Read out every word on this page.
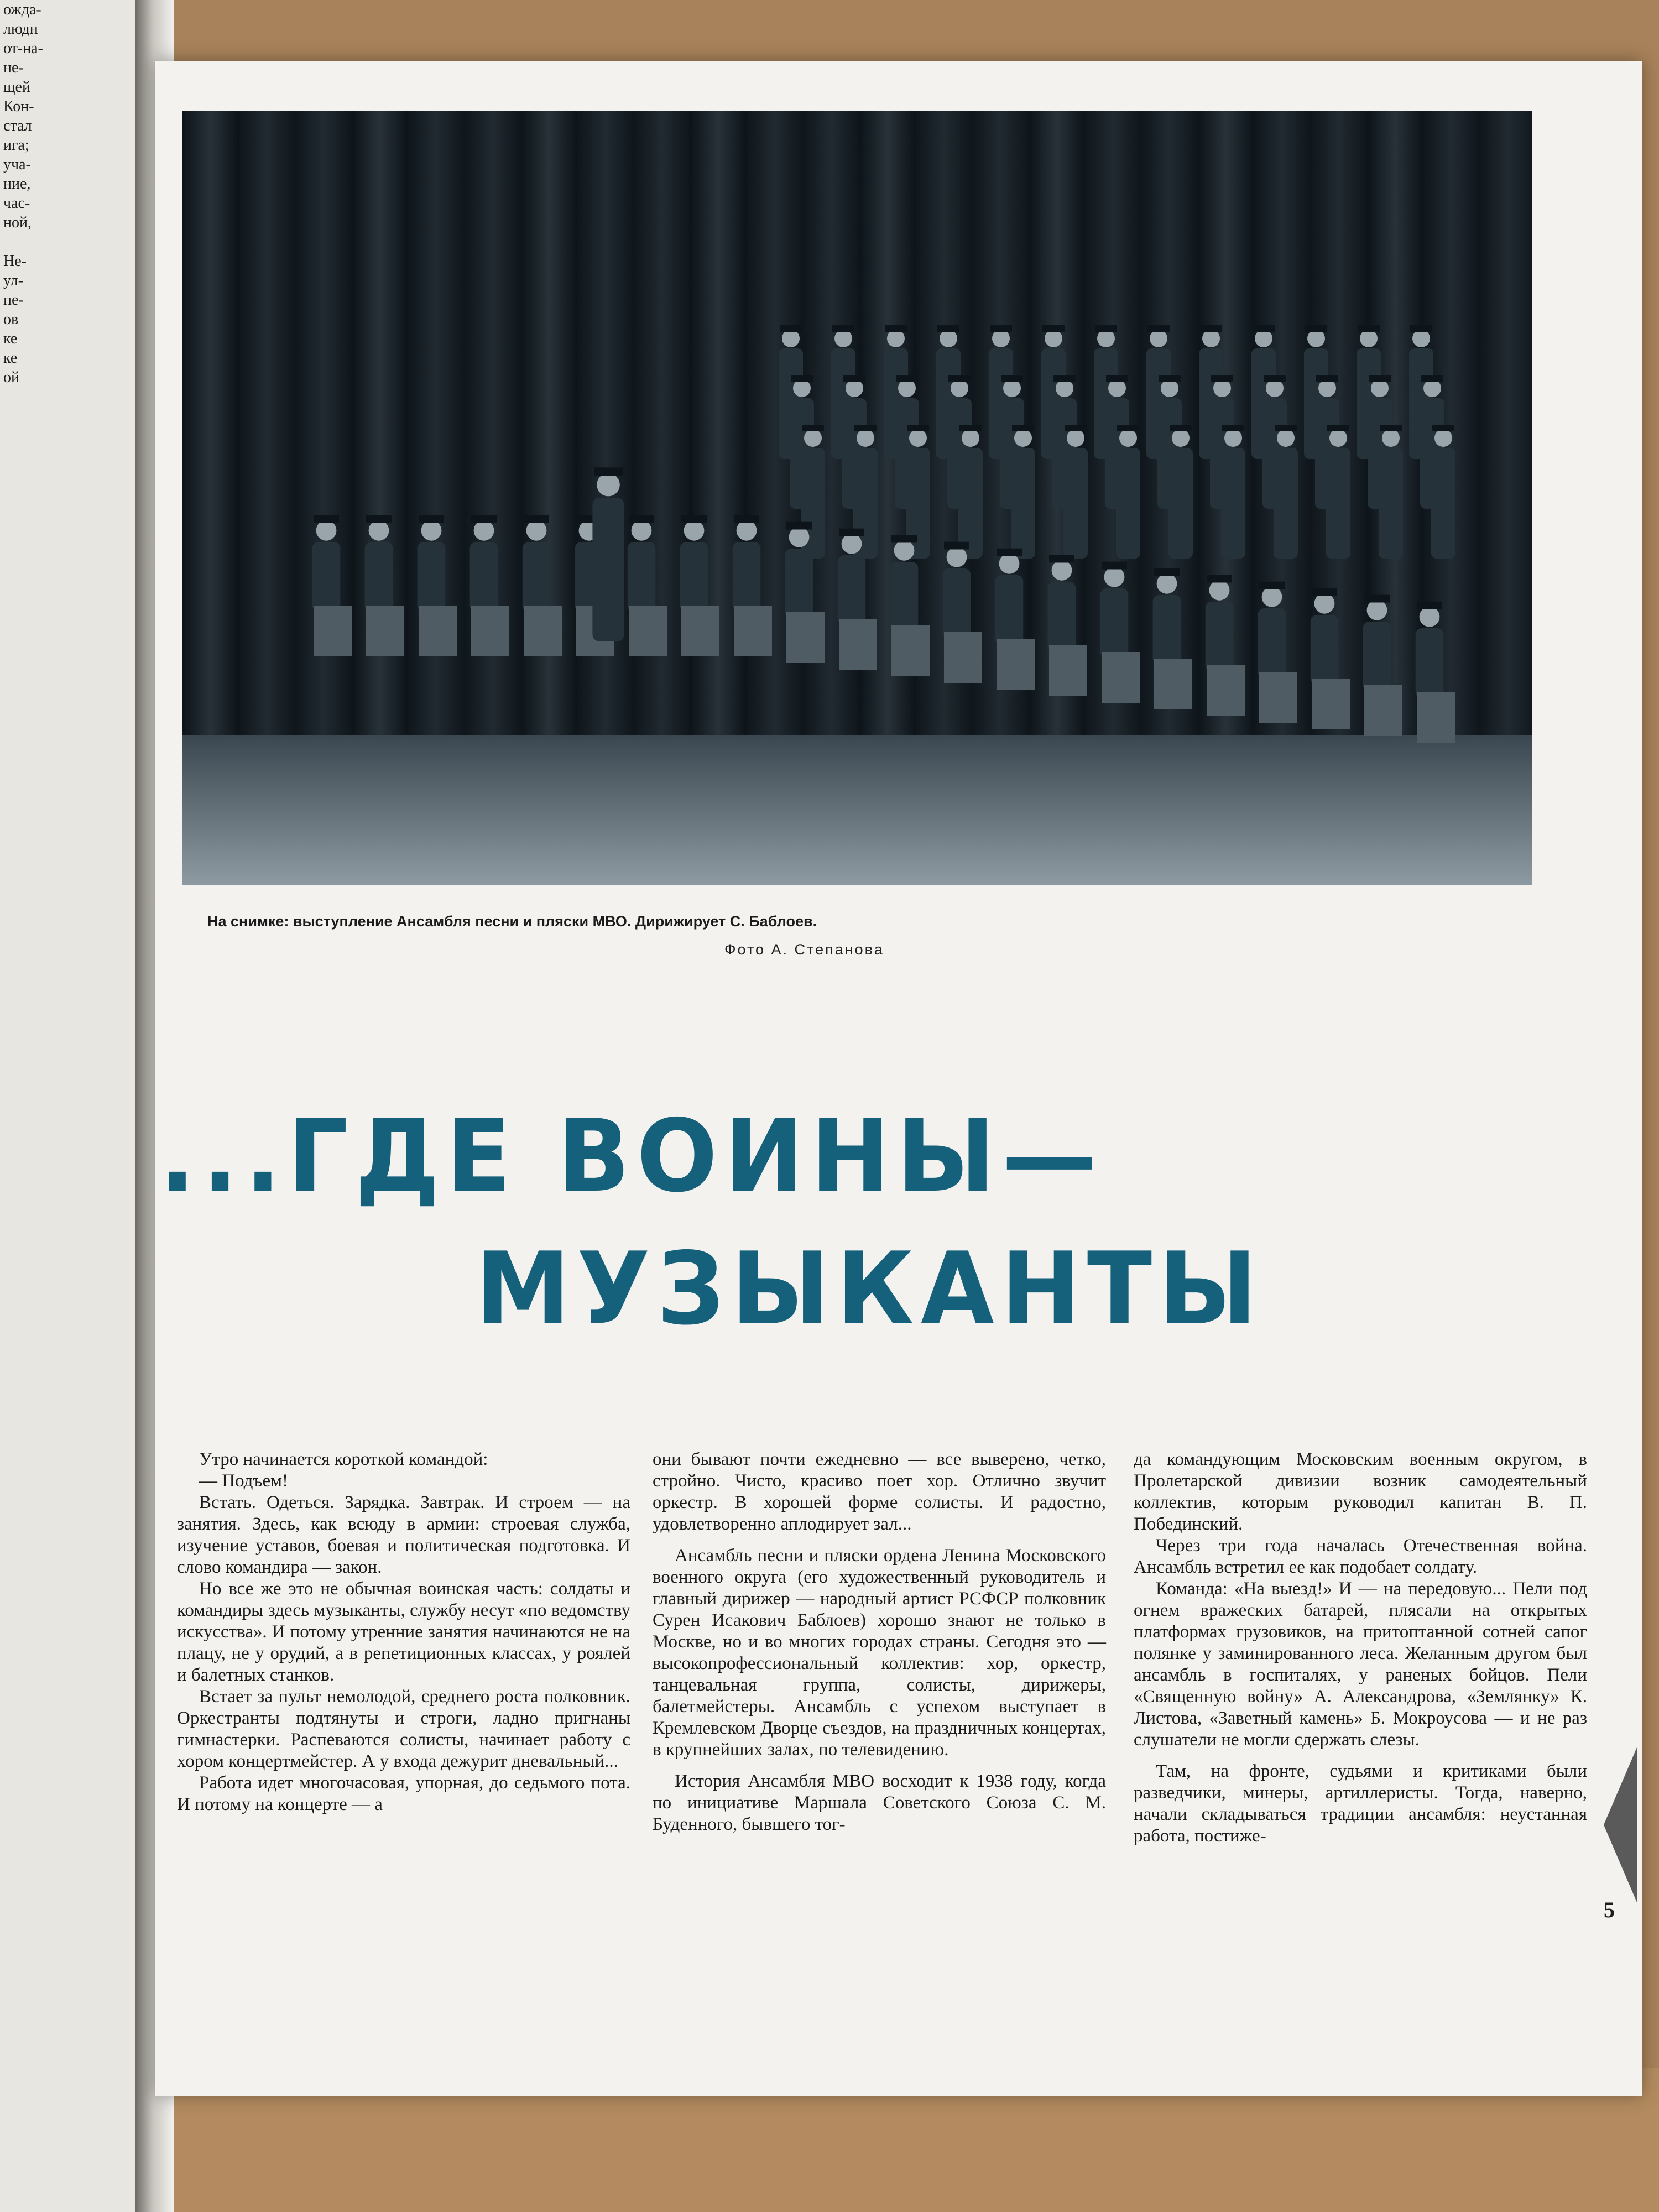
ожда-
людн
от-на-
не-
щей
Кон-
стал
ига;
уча-
ние,
час-
ной,

Не-
ул-
пе-
ов
ке
ке
ой
На снимке: выступление Ансамбля песни и пляски МВО. Дирижирует С. Баблоев.
Фото А. Степанова
...ГДЕ ВОИНЫ—
МУЗЫКАНТЫ

Утро начинается короткой командой:

— Подъем!

Встать. Одеться. Зарядка. Завтрак. И строем — на занятия. Здесь, как всюду в армии: строевая служба, изучение уставов, боевая и политическая подготовка. И слово командира — закон.

Но все же это не обычная воинская часть: солдаты и командиры здесь музыканты, службу несут «по ведомству искусства». И потому утренние занятия начинаются не на плацу, не у орудий, а в репетиционных классах, у роялей и балетных станков.

Встает за пульт немолодой, среднего роста полковник. Оркестранты подтянуты и строги, ладно пригнаны гимнастерки. Распеваются солисты, начинает работу с хором концертмейстер. А у входа дежурит дневальный...

Работа идет многочасовая, упорная, до седьмого пота. И потому на концерте — а

они бывают почти ежедневно — все выверено, четко, стройно. Чисто, красиво поет хор. Отлично звучит оркестр. В хорошей форме солисты. И радостно, удовлетворенно аплодирует зал...

Ансамбль песни и пляски ордена Ленина Московского военного округа (его художественный руководитель и главный дирижер — народный артист РСФСР полковник Сурен Исакович Баблоев) хорошо знают не только в Москве, но и во многих городах страны. Сегодня это — высокопрофессиональный коллектив: хор, оркестр, танцевальная группа, солисты, дирижеры, балетмейстеры. Ансамбль с успехом выступает в Кремлевском Дворце съездов, на праздничных концертах, в крупнейших залах, по телевидению.

История Ансамбля МВО восходит к 1938 году, когда по инициативе Маршала Советского Союза С. М. Буденного, бывшего тог-

да командующим Московским военным округом, в Пролетарской дивизии возник самодеятельный коллектив, которым руководил капитан В. П. Побединский.

Через три года началась Отечественная война. Ансамбль встретил ее как подобает солдату.

Команда: «На выезд!» И — на передовую... Пели под огнем вражеских батарей, плясали на открытых платформах грузовиков, на притоптанной сотней сапог полянке у заминированного леса. Желанным другом был ансамбль в госпиталях, у раненых бойцов. Пели «Священную войну» А. Александрова, «Землянку» К. Листова, «Заветный камень» Б. Мокроусова — и не раз слушатели не могли сдержать слезы.

Там, на фронте, судьями и критиками были разведчики, минеры, артиллеристы. Тогда, наверно, начали складываться традиции ансамбля: неустанная работа, постиже-

5
